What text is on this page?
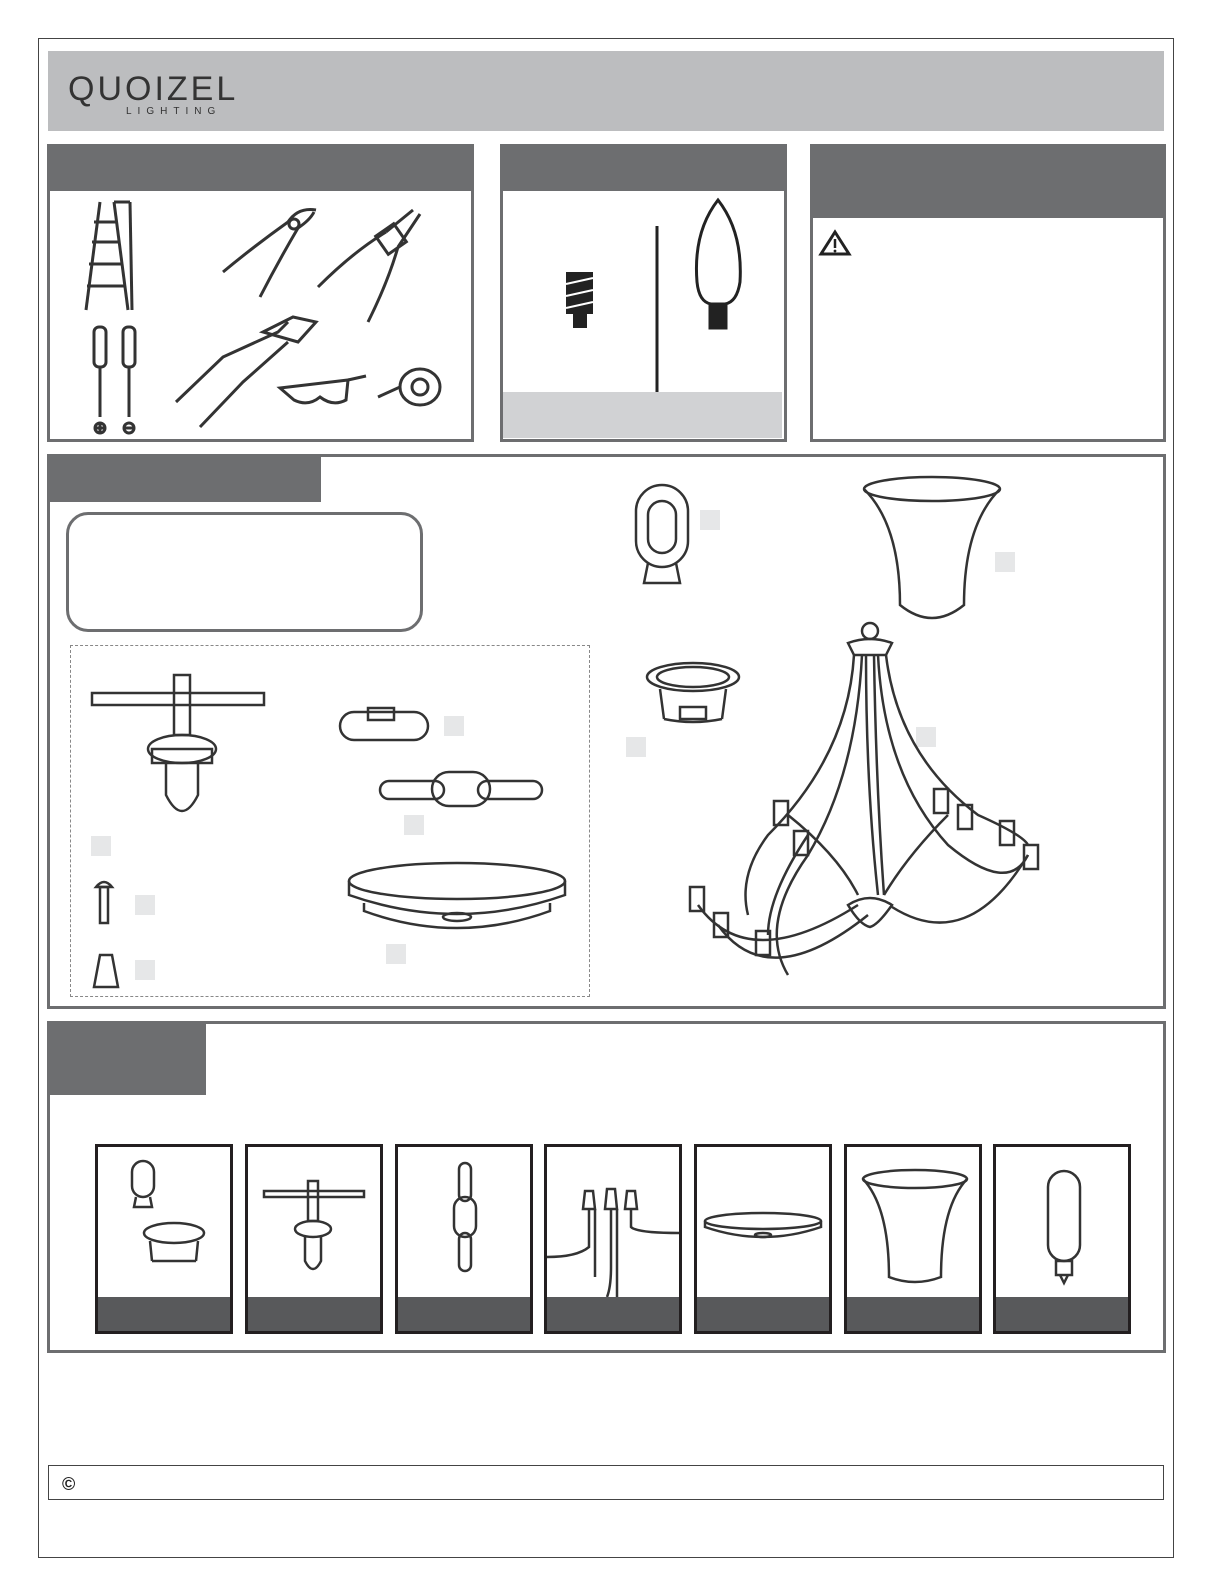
QUOIZEL
LIGHTING
©
